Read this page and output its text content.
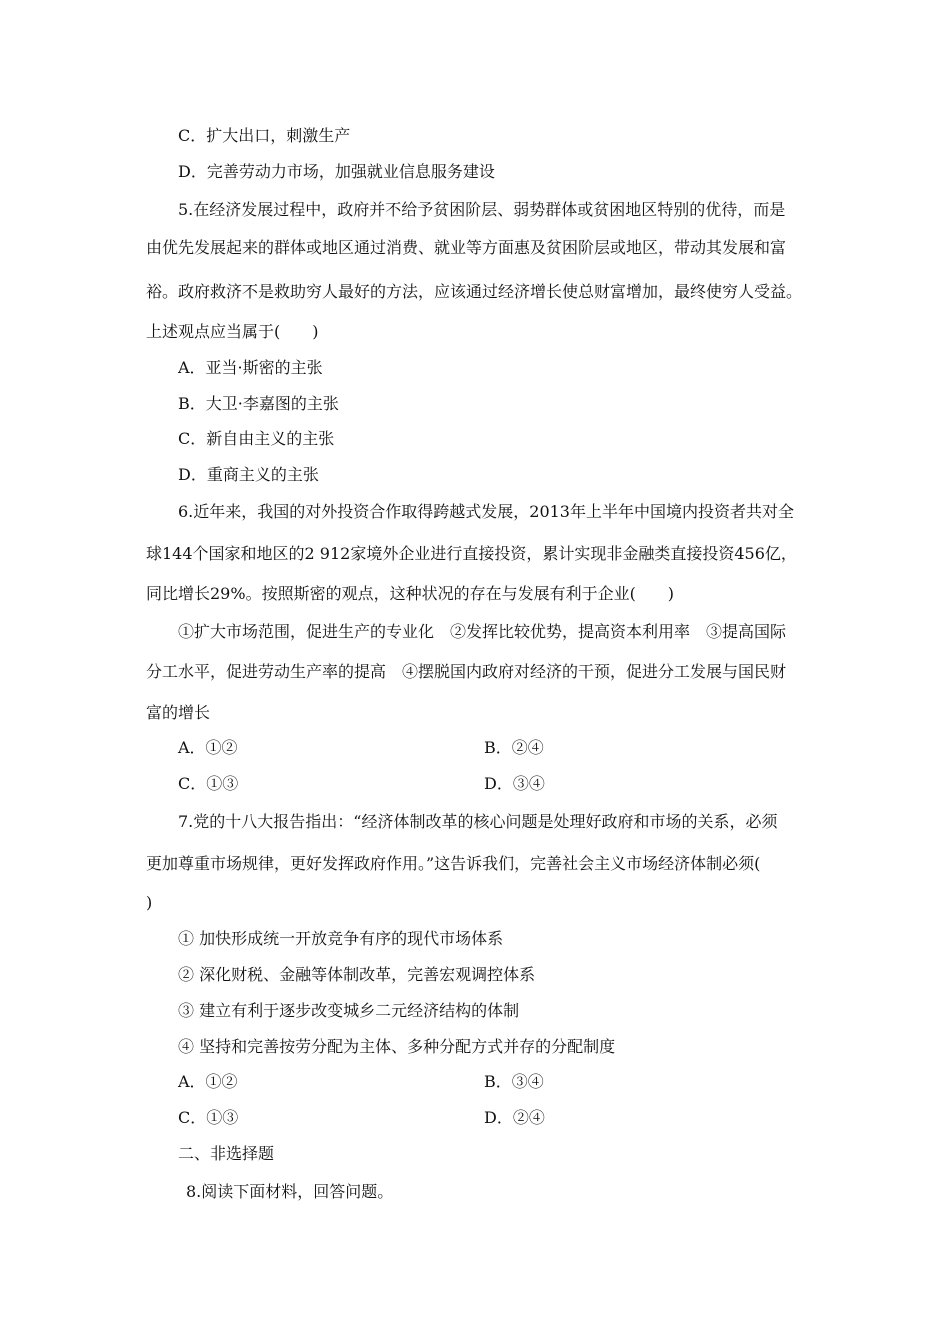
C．扩大出口，刺激生产
D．完善劳动力市场，加强就业信息服务建设
5.在经济发展过程中，政府并不给予贫困阶层、弱势群体或贫困地区特别的优待，而是
由优先发展起来的群体或地区通过消费、就业等方面惠及贫困阶层或地区，带动其发展和富
裕。政府救济不是救助穷人最好的方法，应该通过经济增长使总财富增加，最终使穷人受益。
上述观点应当属于(　　)
A．亚当·斯密的主张
B．大卫·李嘉图的主张
C．新自由主义的主张
D．重商主义的主张
6.近年来，我国的对外投资合作取得跨越式发展，2013年上半年中国境内投资者共对全
球144个国家和地区的2 912家境外企业进行直接投资，累计实现非金融类直接投资456亿，
同比增长29%。按照斯密的观点，这种状况的存在与发展有利于企业(　　)
①扩大市场范围，促进生产的专业化　②发挥比较优势，提高资本利用率　③提高国际
分工水平，促进劳动生产率的提高　④摆脱国内政府对经济的干预，促进分工发展与国民财
富的增长
A．①②	B．②④
C．①③	D．③④
7.党的十八大报告指出：“经济体制改革的核心问题是处理好政府和市场的关系，必须
更加尊重市场规律，更好发挥政府作用。”这告诉我们，完善社会主义市场经济体制必须(
)
① 加快形成统一开放竞争有序的现代市场体系
② 深化财税、金融等体制改革，完善宏观调控体系
③ 建立有利于逐步改变城乡二元经济结构的体制
④ 坚持和完善按劳分配为主体、多种分配方式并存的分配制度
A．①②	B．③④
C．①③	D．②④
二、非选择题
8.阅读下面材料，回答问题。
